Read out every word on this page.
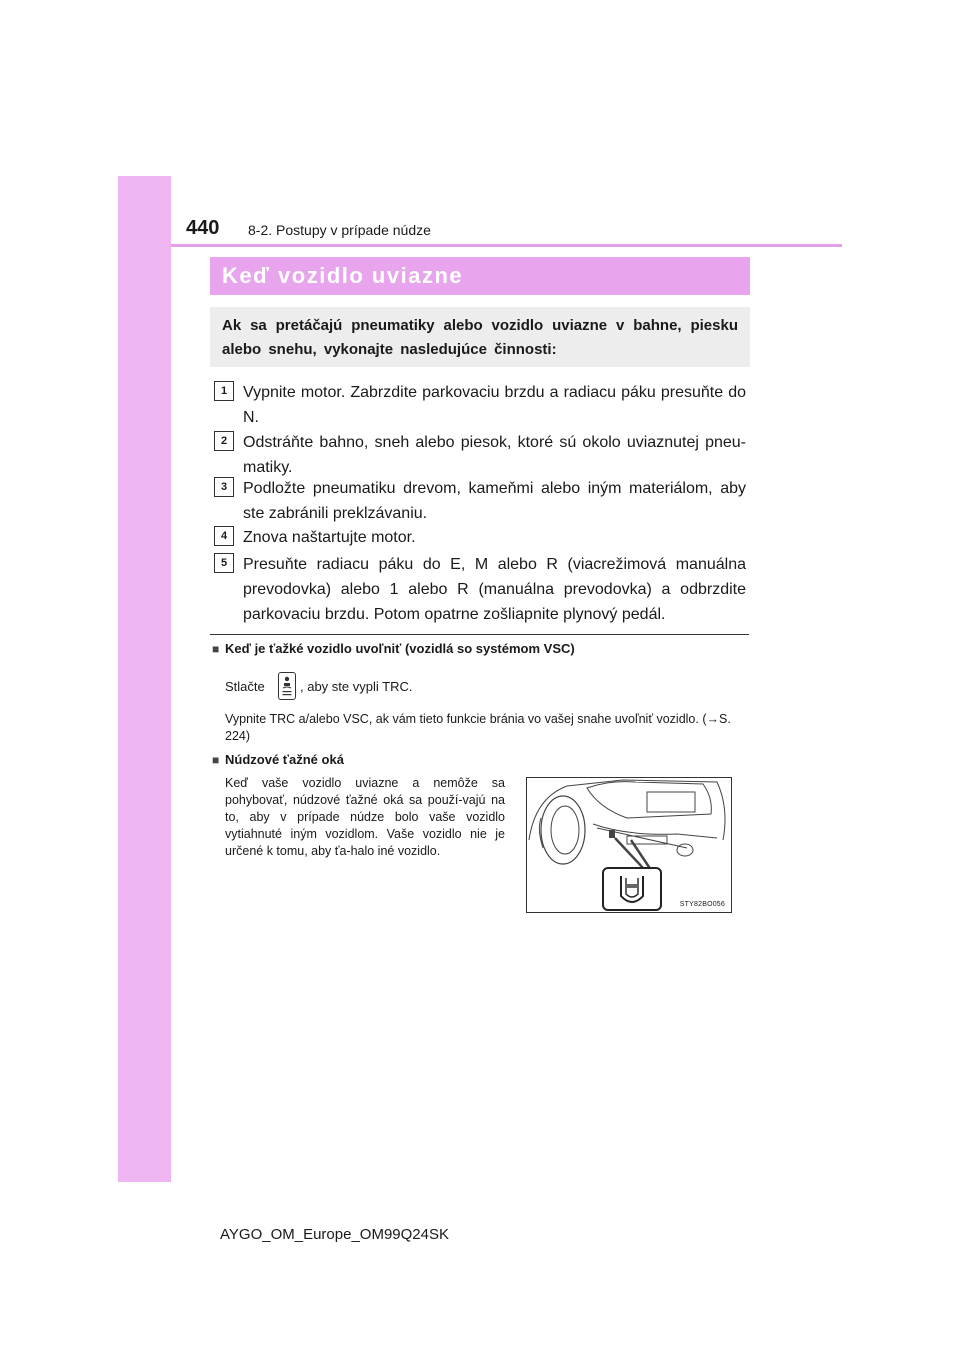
440 8-2. Postupy v prípade núdze
Keď vozidlo uviazne
Ak sa pretáčajú pneumatiky alebo vozidlo uviazne v bahne, piesku alebo snehu, vykonajte nasledujúce činnosti:
1 Vypnite motor. Zabrzdite parkovaciu brzdu a radiacu páku presuňte do N.
2 Odstráňte bahno, sneh alebo piesok, ktoré sú okolo uviaznutej pneu-matiky.
3 Podložte pneumatiku drevom, kameňmi alebo iným materiálom, aby ste zabránili preklzávaniu.
4 Znova naštartujte motor.
5 Presuňte radiacu páku do E, M alebo R (viacrežimová manuálna prevodovka) alebo 1 alebo R (manuálna prevodovka) a odbrzdite parkovaciu brzdu. Potom opatrne zošliapnite plynový pedál.
■ Keď je ťažké vozidlo uvoľniť (vozidlá so systémom VSC)
Stlačte	, aby ste vypli TRC.
Vypnite TRC a/alebo VSC, ak vám tieto funkcie bránia vo vašej snahe uvoľniť vozidlo. (→S. 224)
■ Núdzové ťažné oká
Keď vaše vozidlo uviazne a nemôže sa pohybovať, núdzové ťažné oká sa použí-vajú na to, aby v prípade núdze bolo vaše vozidlo vytiahnuté iným vozidlom. Vaše vozidlo nie je určené k tomu, aby ťa-halo iné vozidlo.
STY82BO056
AYGO_OM_Europe_OM99Q24SK
